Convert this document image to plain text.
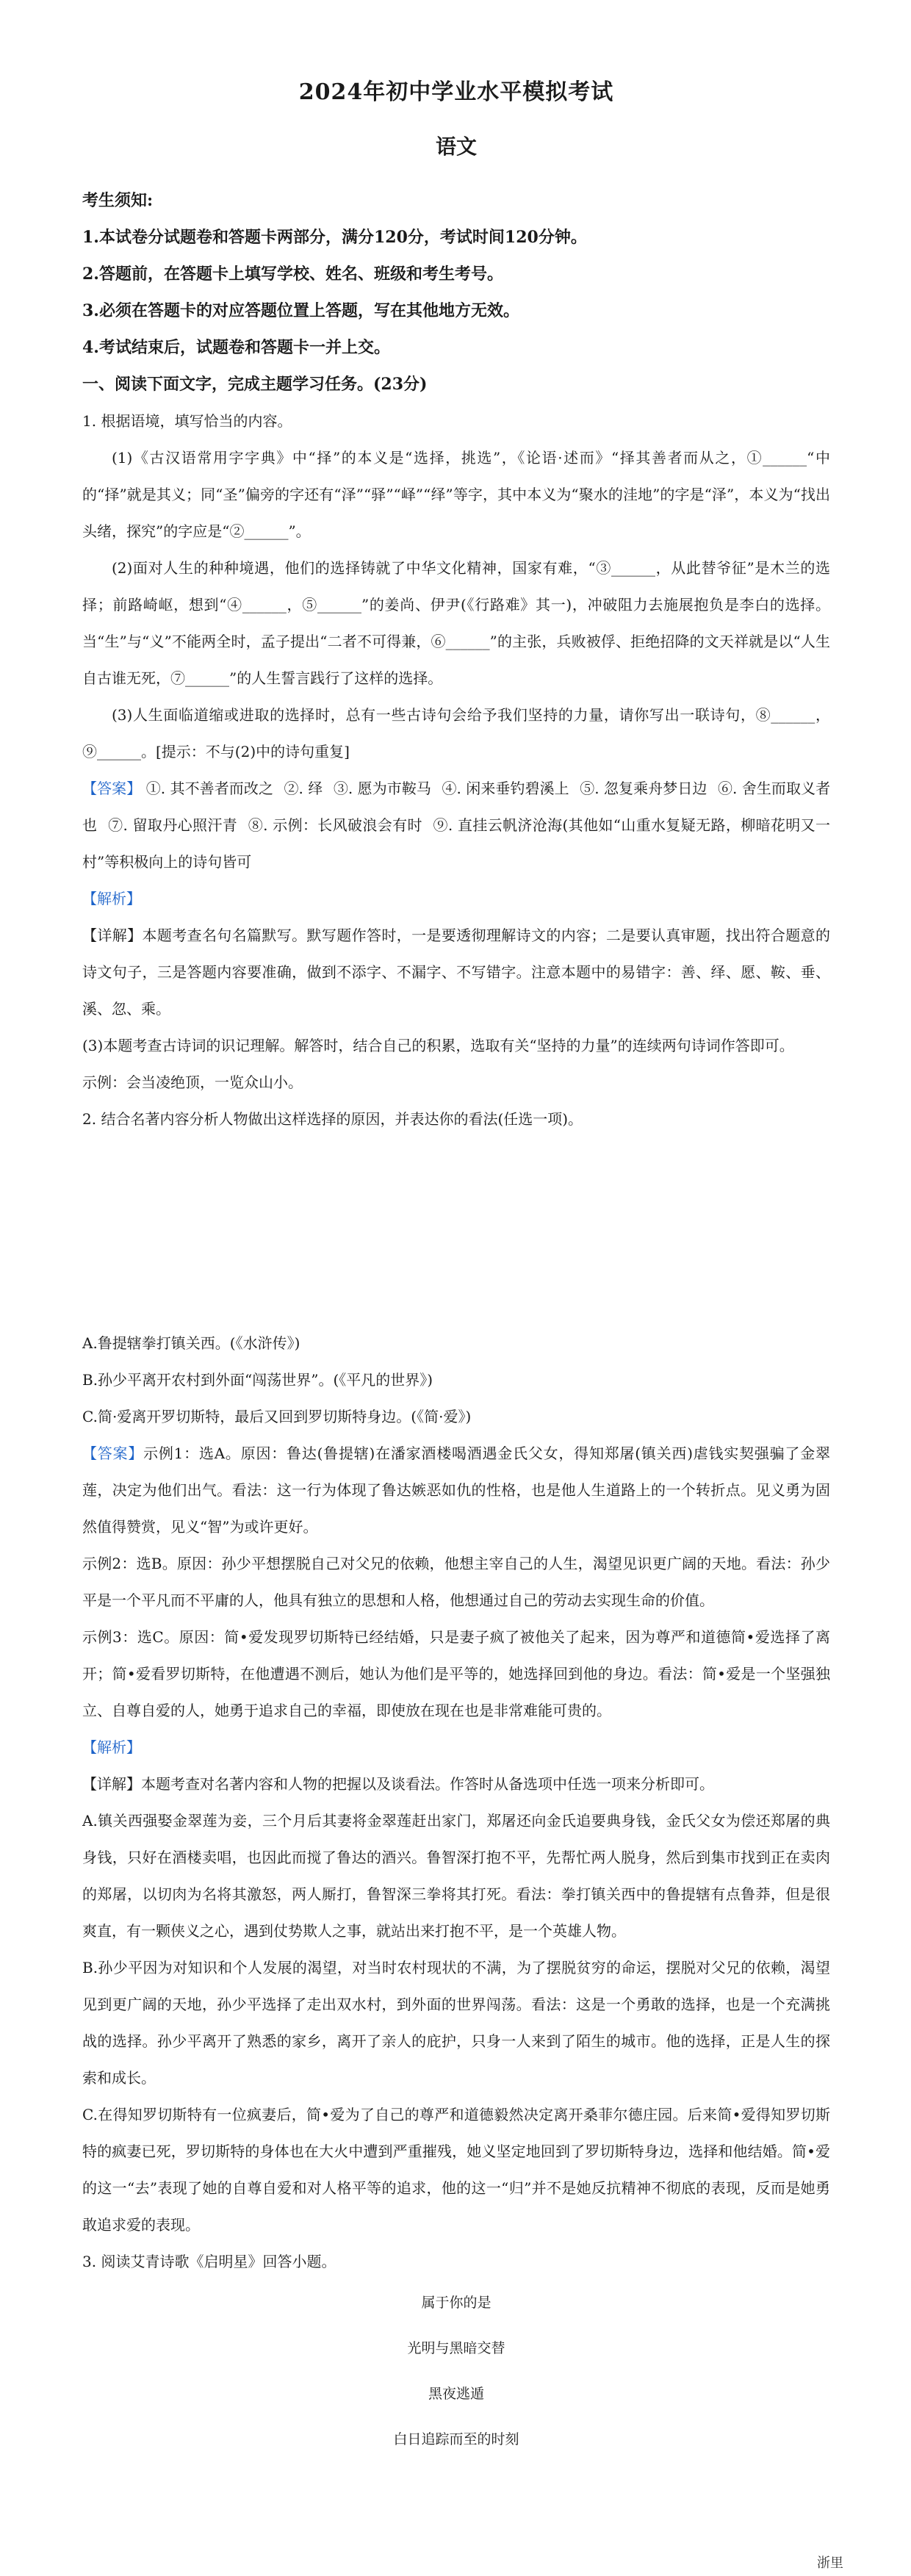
2024年初中学业水平模拟考试
语文

考生须知:

1.本试卷分试题卷和答题卡两部分，满分120分，考试时间120分钟。

2.答题前，在答题卡上填写学校、姓名、班级和考生考号。

3.必须在答题卡的对应答题位置上答题，写在其他地方无效。

4.考试结束后，试题卷和答题卡一并上交。

一、阅读下面文字，完成主题学习任务。(23分)

1. 根据语境，填写恰当的内容。

(1)《古汉语常用字字典》中“择”的本义是“选择，挑选”，《论语·述而》“择其善者而从之，①______“中的“择”就是其义；同“圣”偏旁的字还有“泽”“驿”“峄”“绎”等字，其中本义为“聚水的洼地”的字是“泽”，本义为“找出头绪，探究”的字应是“②______”。

(2)面对人生的种种境遇，他们的选择铸就了中华文化精神，国家有难，“③______，从此替爷征”是木兰的选择；前路崎岖，想到“④______，⑤______”的姜尚、伊尹(《行路难》其一)，冲破阻力去施展抱负是李白的选择。当“生”与“义”不能两全时，孟子提出“二者不可得兼，⑥______”的主张，兵败被俘、拒绝招降的文天祥就是以“人生自古谁无死，⑦______”的人生誓言践行了这样的选择。

(3)人生面临道缩或进取的选择时，总有一些古诗句会给予我们坚持的力量，请你写出一联诗句，⑧______，⑨______。[提示：不与(2)中的诗句重复]

【答案】 ①. 其不善者而改之 ②. 绎 ③. 愿为市鞍马 ④. 闲来垂钓碧溪上 ⑤. 忽复乘舟梦日边 ⑥. 舍生而取义者也 ⑦. 留取丹心照汗青 ⑧. 示例：长风破浪会有时 ⑨. 直挂云帆济沧海(其他如“山重水复疑无路，柳暗花明又一村”等积极向上的诗句皆可

【解析】

【详解】本题考查名句名篇默写。默写题作答时，一是要透彻理解诗文的内容；二是要认真审题，找出符合题意的诗文句子，三是答题内容要准确，做到不添字、不漏字、不写错字。注意本题中的易错字：善、绎、愿、鞍、垂、溪、忽、乘。

(3)本题考查古诗词的识记理解。解答时，结合自己的积累，选取有关“坚持的力量”的连续两句诗词作答即可。

示例：会当凌绝顶，一览众山小。

2. 结合名著内容分析人物做出这样选择的原因，并表达你的看法(任选一项)。

A.鲁提辖拳打镇关西。(《水浒传》)

B.孙少平离开农村到外面“闯荡世界”。(《平凡的世界》)

C.简·爱离开罗切斯特，最后又回到罗切斯特身边。(《简·爱》)

【答案】示例1：选A。原因：鲁达(鲁提辖)在潘家酒楼喝酒遇金氏父女，得知郑屠(镇关西)虐钱实契强骗了金翠莲，决定为他们出气。看法：这一行为体现了鲁达嫉恶如仇的性格，也是他人生道路上的一个转折点。见义勇为固然值得赞赏，见义“智”为或许更好。

示例2：选B。原因：孙少平想摆脱自己对父兄的依赖，他想主宰自己的人生，渴望见识更广阔的天地。看法：孙少平是一个平凡而不平庸的人，他具有独立的思想和人格，他想通过自己的劳动去实现生命的价值。

示例3：选C。原因：简•爱发现罗切斯特已经结婚，只是妻子疯了被他关了起来，因为尊严和道德简•爱选择了离开；简•爱看罗切斯特，在他遭遇不测后，她认为他们是平等的，她选择回到他的身边。看法：简•爱是一个坚强独立、自尊自爱的人，她勇于追求自己的幸福，即使放在现在也是非常难能可贵的。

【解析】

【详解】本题考查对名著内容和人物的把握以及谈看法。作答时从备选项中任选一项来分析即可。

A.镇关西强娶金翠莲为妾，三个月后其妻将金翠莲赶出家门，郑屠还向金氏追要典身钱，金氏父女为偿还郑屠的典身钱，只好在酒楼卖唱，也因此而搅了鲁达的酒兴。鲁智深打抱不平，先帮忙两人脱身，然后到集市找到正在卖肉的郑屠，以切肉为名将其激怒，两人厮打，鲁智深三拳将其打死。看法：拳打镇关西中的鲁提辖有点鲁莽，但是很爽直，有一颗侠义之心，遇到仗势欺人之事，就站出来打抱不平，是一个英雄人物。

B.孙少平因为对知识和个人发展的渴望，对当时农村现状的不满，为了摆脱贫穷的命运，摆脱对父兄的依赖，渴望见到更广阔的天地，孙少平选择了走出双水村，到外面的世界闯荡。看法：这是一个勇敢的选择，也是一个充满挑战的选择。孙少平离开了熟悉的家乡，离开了亲人的庇护，只身一人来到了陌生的城市。他的选择，正是人生的探索和成长。

C.在得知罗切斯特有一位疯妻后，简•爱为了自己的尊严和道德毅然决定离开桑菲尔德庄园。后来简•爱得知罗切斯特的疯妻已死，罗切斯特的身体也在大火中遭到严重摧残，她义坚定地回到了罗切斯特身边，选择和他结婚。简•爱的这一“去”表现了她的自尊自爱和对人格平等的追求，他的这一“归”并不是她反抗精神不彻底的表现，反而是她勇敢追求爱的表现。

3. 阅读艾青诗歌《启明星》回答小题。

属于你的是

光明与黑暗交替

黑夜逃遁

白日追踪而至的时刻

浙里
